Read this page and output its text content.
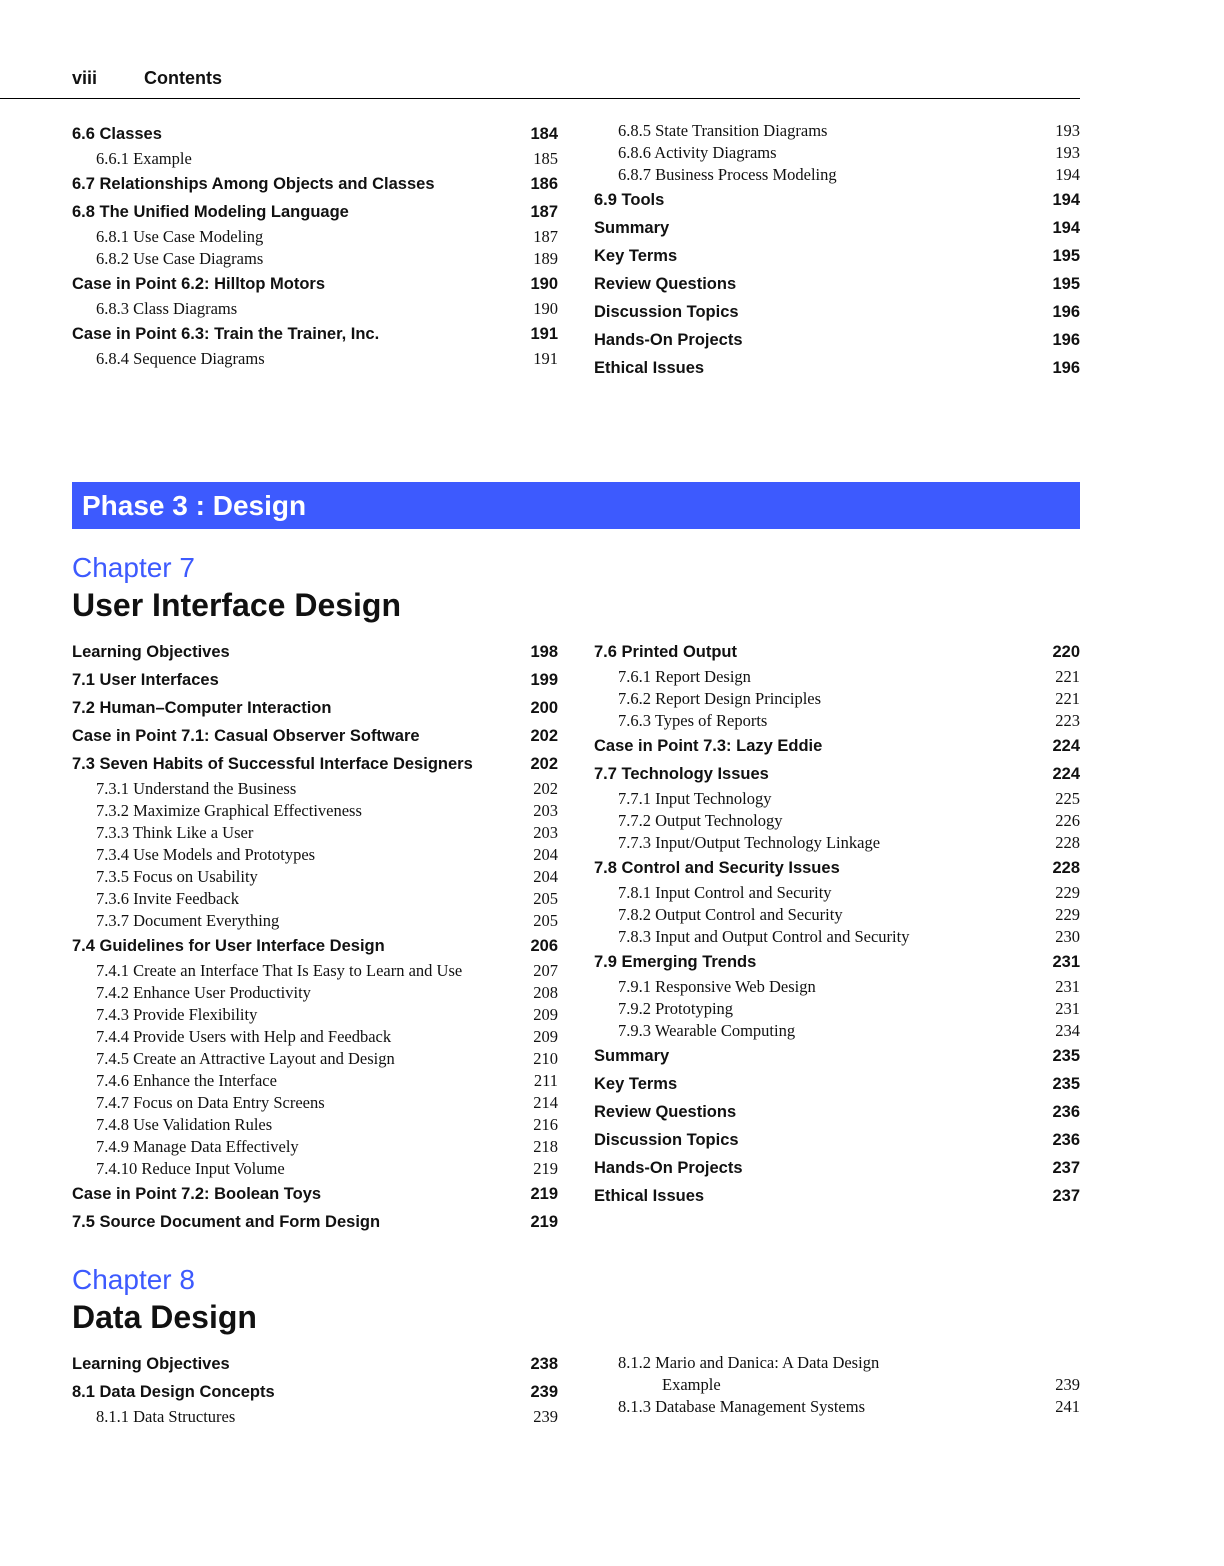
viii	Contents
6.6 Classes	184
6.6.1 Example	185
6.7 Relationships Among Objects and Classes	186
6.8 The Unified Modeling Language	187
6.8.1 Use Case Modeling	187
6.8.2 Use Case Diagrams	189
Case in Point 6.2: Hilltop Motors	190
6.8.3 Class Diagrams	190
Case in Point 6.3: Train the Trainer, Inc.	191
6.8.4 Sequence Diagrams	191
6.8.5 State Transition Diagrams	193
6.8.6 Activity Diagrams	193
6.8.7 Business Process Modeling	194
6.9 Tools	194
Summary	194
Key Terms	195
Review Questions	195
Discussion Topics	196
Hands-On Projects	196
Ethical Issues	196
Phase 3 : Design
Chapter 7
User Interface Design
Learning Objectives	198
7.1 User Interfaces	199
7.2 Human–Computer Interaction	200
Case in Point 7.1: Casual Observer Software	202
7.3 Seven Habits of Successful Interface Designers	202
7.3.1 Understand the Business	202
7.3.2 Maximize Graphical Effectiveness	203
7.3.3 Think Like a User	203
7.3.4 Use Models and Prototypes	204
7.3.5 Focus on Usability	204
7.3.6 Invite Feedback	205
7.3.7 Document Everything	205
7.4 Guidelines for User Interface Design	206
7.4.1 Create an Interface That Is Easy to Learn and Use	207
7.4.2 Enhance User Productivity	208
7.4.3 Provide Flexibility	209
7.4.4 Provide Users with Help and Feedback	209
7.4.5 Create an Attractive Layout and Design	210
7.4.6 Enhance the Interface	211
7.4.7 Focus on Data Entry Screens	214
7.4.8 Use Validation Rules	216
7.4.9 Manage Data Effectively	218
7.4.10 Reduce Input Volume	219
Case in Point 7.2: Boolean Toys	219
7.5 Source Document and Form Design	219
7.6 Printed Output	220
7.6.1 Report Design	221
7.6.2 Report Design Principles	221
7.6.3 Types of Reports	223
Case in Point 7.3: Lazy Eddie	224
7.7 Technology Issues	224
7.7.1 Input Technology	225
7.7.2 Output Technology	226
7.7.3 Input/Output Technology Linkage	228
7.8 Control and Security Issues	228
7.8.1 Input Control and Security	229
7.8.2 Output Control and Security	229
7.8.3 Input and Output Control and Security	230
7.9 Emerging Trends	231
7.9.1 Responsive Web Design	231
7.9.2 Prototyping	231
7.9.3 Wearable Computing	234
Summary	235
Key Terms	235
Review Questions	236
Discussion Topics	236
Hands-On Projects	237
Ethical Issues	237
Chapter 8
Data Design
Learning Objectives	238
8.1 Data Design Concepts	239
8.1.1 Data Structures	239
8.1.2 Mario and Danica: A Data Design
Example	239
8.1.3 Database Management Systems	241
